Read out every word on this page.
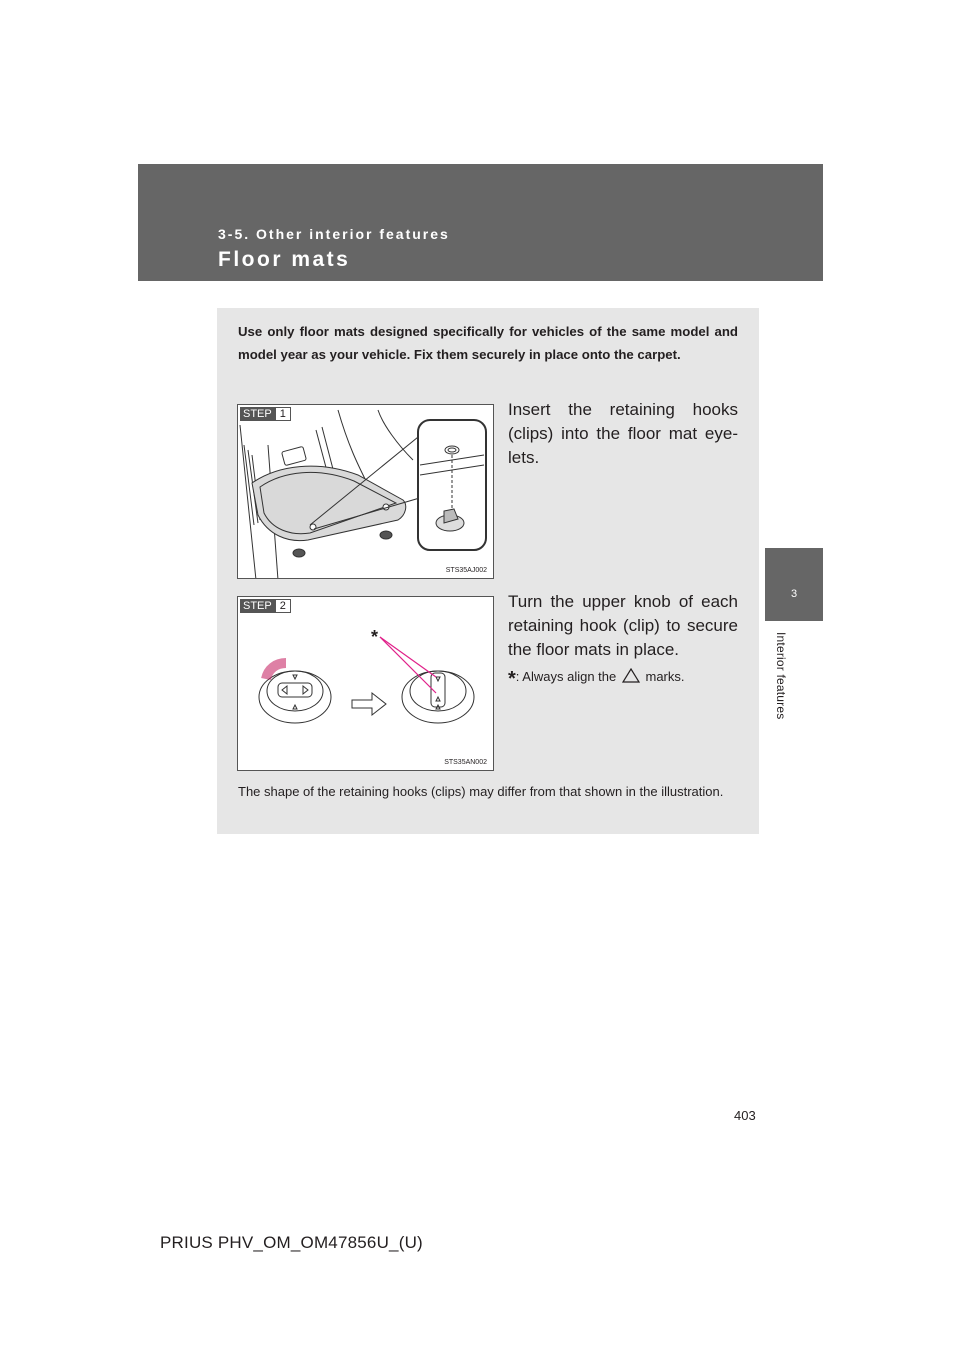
3-5. Other interior features
Floor mats
3
Interior features
Use only floor mats designed specifically for vehicles of the same model and model year as your vehicle. Fix them securely in place onto the carpet.
STEP 1
STS35AJ002
Insert the retaining hooks (clips) into the floor mat eye-lets.
STEP 2
*
STS35AN002
Turn the upper knob of each retaining hook (clip) to secure the floor mats in place.
*: Always align the marks.
The shape of the retaining hooks (clips) may differ from that shown in the illustration.
403
PRIUS PHV_OM_OM47856U_(U)
